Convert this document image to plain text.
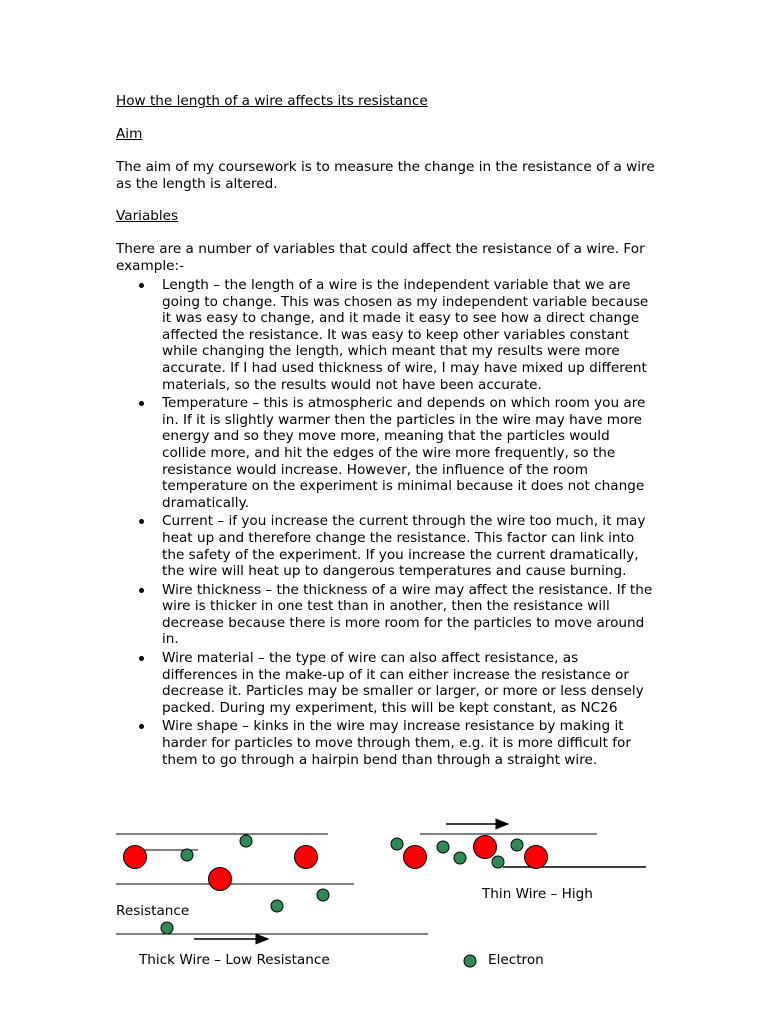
How the length of a wire affects its resistance
Aim
The aim of my coursework is to measure the change in the resistance of a wire as the length is altered.
Variables
There are a number of variables that could affect the resistance of a wire. For example:-
Length – the length of a wire is the independent variable that we are going to change. This was chosen as my independent variable because it was easy to change, and it made it easy to see how a direct change affected the resistance. It was easy to keep other variables constant while changing the length, which meant that my results were more accurate. If I had used thickness of wire, I may have mixed up different materials, so the results would not have been accurate.
Temperature – this is atmospheric and depends on which room you are in. If it is slightly warmer then the particles in the wire may have more energy and so they move more, meaning that the particles would collide more, and hit the edges of the wire more frequently, so the resistance would increase. However, the influence of the room temperature on the experiment is minimal because it does not change dramatically.
Current – if you increase the current through the wire too much, it may heat up and therefore change the resistance. This factor can link into the safety of the experiment. If you increase the current dramatically, the wire will heat up to dangerous temperatures and cause burning.
Wire thickness – the thickness of a wire may affect the resistance. If the wire is thicker in one test than in another, then the resistance will decrease because there is more room for the particles to move around in.
Wire material – the type of wire can also affect resistance, as differences in the make-up of it can either increase the resistance or decrease it. Particles may be smaller or larger, or more or less densely packed. During my experiment, this will be kept constant, as NC26
Wire shape – kinks in the wire may increase resistance by making it harder for particles to move through them, e.g. it is more difficult for them to go through a hairpin bend than through a straight wire.
Thin Wire – High
Resistance
Thick Wire – Low Resistance	Electron
